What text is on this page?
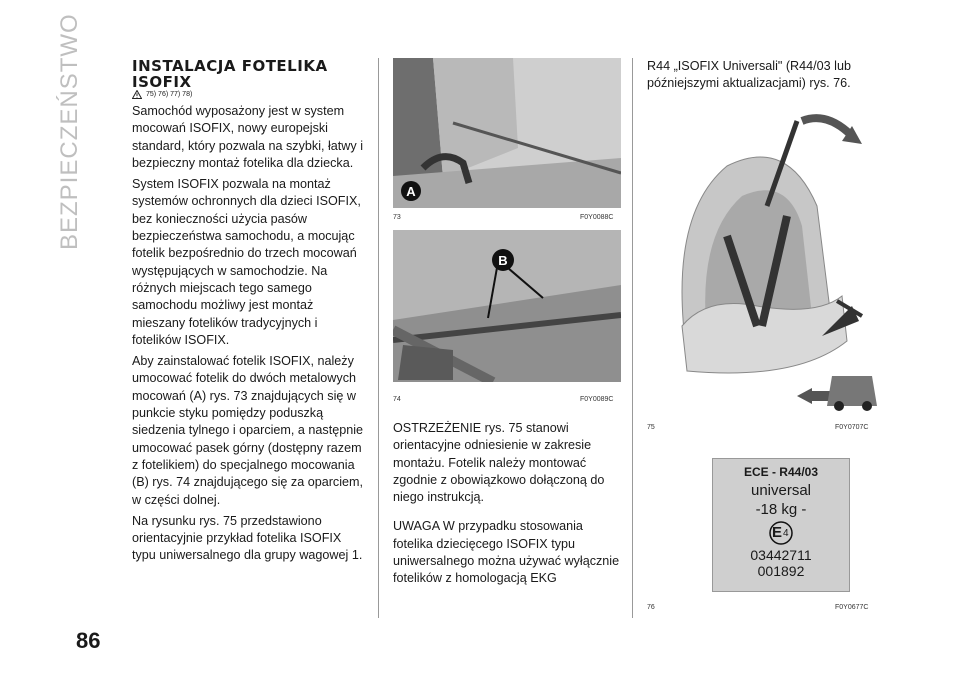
BEZPIECZEŃSTWO
86
INSTALACJA FOTELIKA ISOFIX
75) 76) 77) 78)

Samochód wyposażony jest w system mocowań ISOFIX, nowy europejski standard, który pozwala na szybki, łatwy i bezpieczny montaż fotelika dla dziecka.

System ISOFIX pozwala na montaż systemów ochronnych dla dzieci ISOFIX, bez konieczności użycia pasów bezpieczeństwa samochodu, a mocując fotelik bezpośrednio do trzech mocowań występujących w samochodzie. Na różnych miejscach tego samego samochodu możliwy jest montaż mieszany fotelików tradycyjnych i fotelików ISOFIX.

Aby zainstalować fotelik ISOFIX, należy umocować fotelik do dwóch metalowych mocowań (A) rys. 73 znajdujących się w punkcie styku pomiędzy poduszką siedzenia tylnego i oparciem, a następnie umocować pasek górny (dostępny razem z fotelikiem) do specjalnego mocowania (B) rys. 74 znajdującego się za oparciem, w części dolnej.

Na rysunku rys. 75 przedstawiono orientacyjnie przykład fotelika ISOFIX typu uniwersalnego dla grupy wagowej 1.

A
73	F0Y0088C
B
74	F0Y0089C

OSTRZEŻENIE rys. 75 stanowi orientacyjne odniesienie w zakresie montażu. Fotelik należy montować zgodnie z obowiązkowo dołączoną do niego instrukcją.

UWAGA W przypadku stosowania fotelika dziecięcego ISOFIX typu uniwersalnego można używać wyłącznie fotelików z homologacją EKG

R44 „ISOFIX Universali" (R44/03 lub późniejszymi aktualizacjami) rys. 76.

75	F0Y0707C
ECE - R44/03
universal
-18 kg -
E 4
03442711
001892
76	F0Y0677C
